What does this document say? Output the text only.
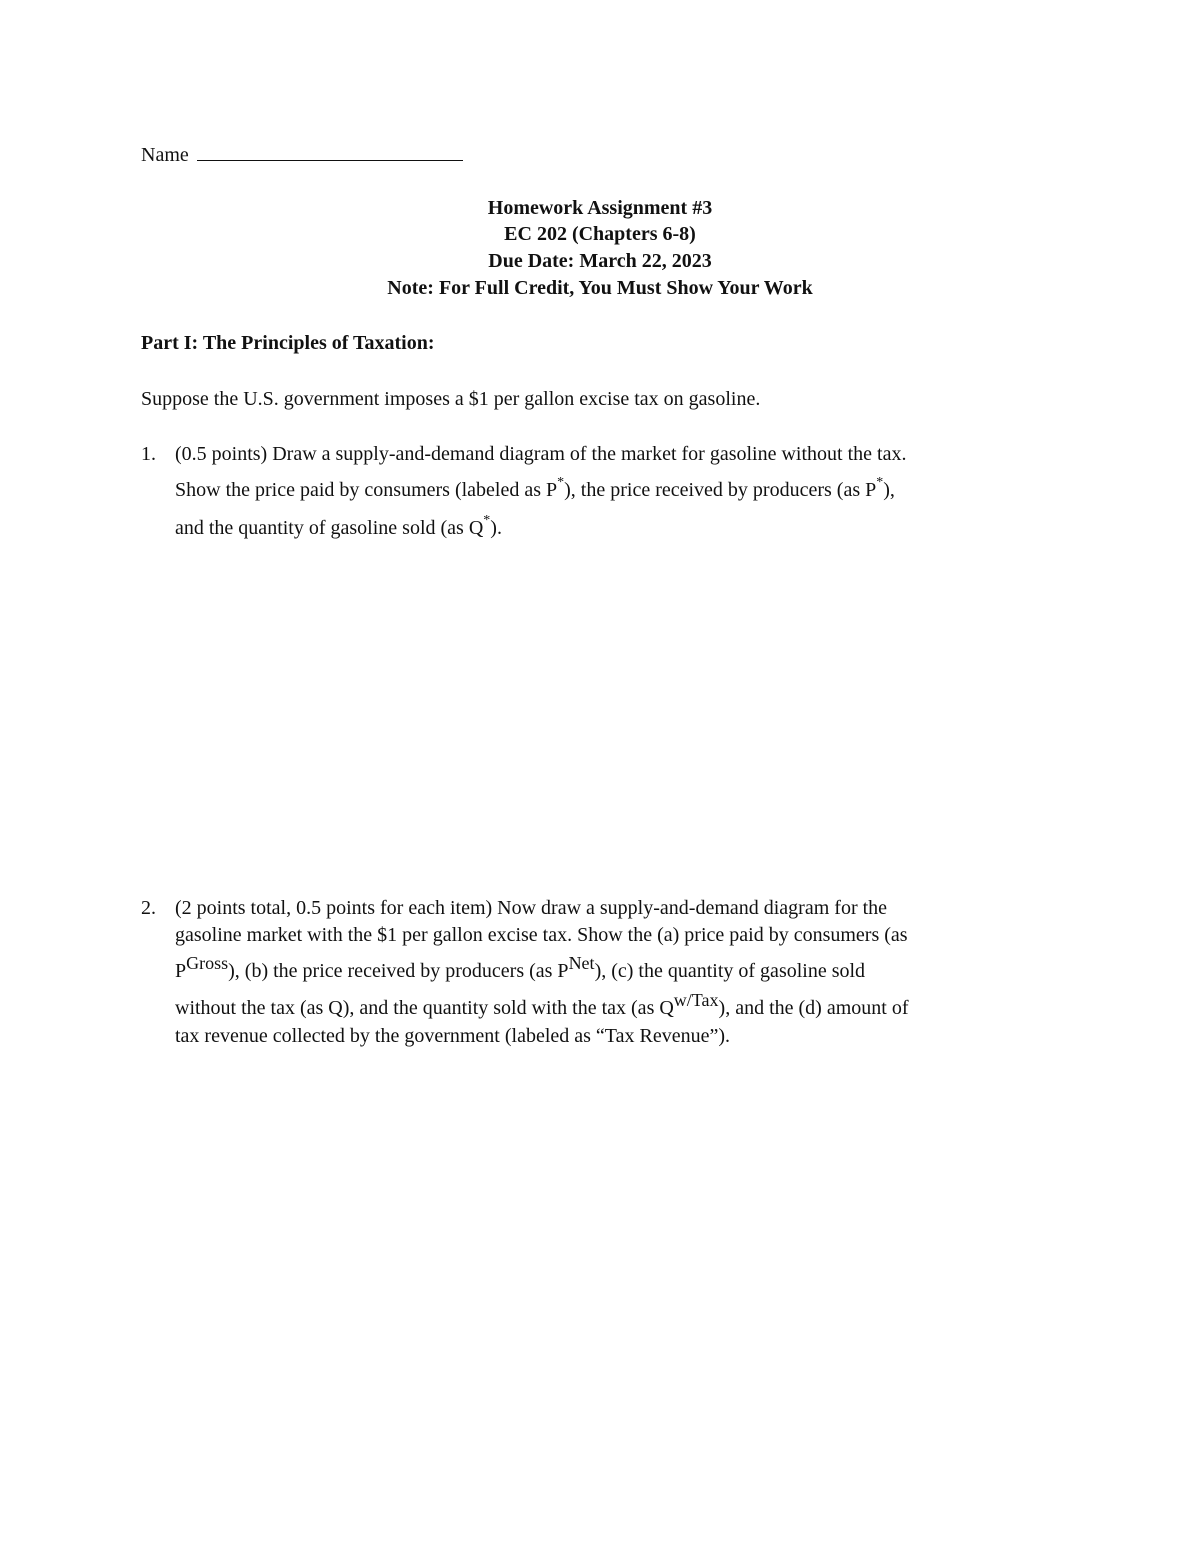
Name
Homework Assignment #3
EC 202 (Chapters 6-8)
Due Date: March 22, 2023
Note: For Full Credit, You Must Show Your Work
Part I: The Principles of Taxation:
Suppose the U.S. government imposes a $1 per gallon excise tax on gasoline.
1. (0.5 points) Draw a supply-and-demand diagram of the market for gasoline without the tax.
Show the price paid by consumers (labeled as P*), the price received by producers (as P*),
and the quantity of gasoline sold (as Q*).
2. (2 points total, 0.5 points for each item) Now draw a supply-and-demand diagram for the
gasoline market with the $1 per gallon excise tax. Show the (a) price paid by consumers (as
PGross), (b) the price received by producers (as PNet), (c) the quantity of gasoline sold
without the tax (as Q), and the quantity sold with the tax (as Qw/Tax), and the (d) amount of
tax revenue collected by the government (labeled as “Tax Revenue”).
